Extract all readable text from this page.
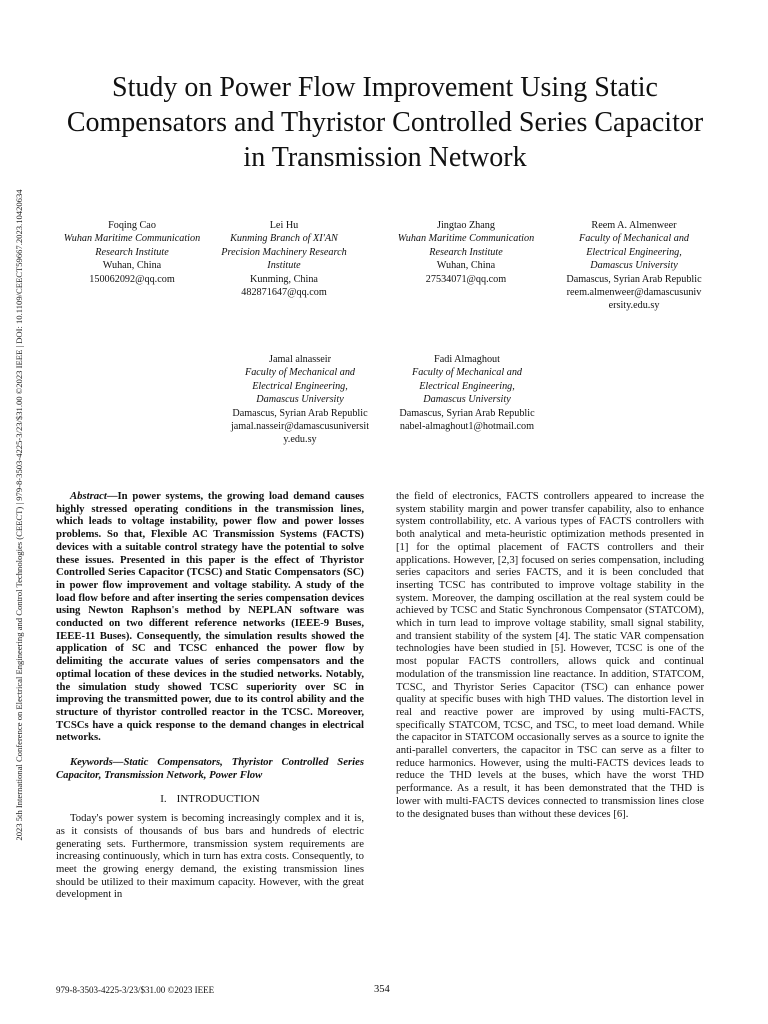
2023 5th International Conference on Electrical Engineering and Control Technologies (CEECT) | 979-8-3503-4225-3/23/$31.00 ©2023 IEEE | DOI: 10.1109/CEECT59667.2023.10420634
Study on Power Flow Improvement Using Static Compensators and Thyristor Controlled Series Capacitor in Transmission Network
Foqing Cao
Wuhan Maritime Communication
Research Institute
Wuhan, China
150062092@qq.com
Lei Hu
Kunming Branch of XI'AN
Precision Machinery Research
Institute
Kunming, China
482871647@qq.com
Jingtao Zhang
Wuhan Maritime Communication
Research Institute
Wuhan, China
27534071@qq.com
Reem A. Almenweer
Faculty of Mechanical and
Electrical Engineering,
Damascus University
Damascus, Syrian Arab Republic
reem.almenweer@damascusuniv
ersity.edu.sy
Jamal alnasseir
Faculty of Mechanical and
Electrical Engineering,
Damascus University
Damascus, Syrian Arab Republic
jamal.nasseir@damascusuniversit
y.edu.sy
Fadi Almaghout
Faculty of Mechanical and
Electrical Engineering,
Damascus University
Damascus, Syrian Arab Republic
nabel-almaghout1@hotmail.com

Abstract—In power systems, the growing load demand causes highly stressed operating conditions in the transmission lines, which leads to voltage instability, power flow and power losses problems. So that, Flexible AC Transmission Systems (FACTS) devices with a suitable control strategy have the potential to solve these issues. Presented in this paper is the effect of Thyristor Controlled Series Capacitor (TCSC) and Static Compensators (SC) in power flow improvement and voltage stability. A study of the load flow before and after inserting the series compensation devices using Newton Raphson's method by NEPLAN software was conducted on two different reference networks (IEEE-9 Buses, IEEE-11 Buses). Consequently, the simulation results showed the application of SC and TCSC enhanced the power flow by delimiting the accurate values of series compensators and the optimal location of these devices in the studied networks. Notably, the simulation study showed TCSC superiority over SC in improving the transmitted power, due to its control ability and the structure of thyristor controlled reactor in the TCSC. Moreover, TCSCs have a quick response to the demand changes in electrical networks.

Keywords—Static Compensators, Thyristor Controlled Series Capacitor, Transmission Network, Power Flow

I. INTRODUCTION

Today's power system is becoming increasingly complex and it is, as it consists of thousands of bus bars and hundreds of electric generating sets. Furthermore, transmission system requirements are increasing continuously, which in turn has extra costs. Consequently, to meet the growing energy demand, the existing transmission lines should be utilized to their maximum capacity. However, with the great development in

the field of electronics, FACTS controllers appeared to increase the system stability margin and power transfer capability, also to enhance system controllability, etc. A various types of FACTS controllers with both analytical and meta-heuristic optimization methods presented in [1] for the optimal placement of FACTS controllers and their applications. However, [2,3] focused on series compensation, including series capacitors and series FACTS, and it is been concluded that inserting TCSC has contributed to improve voltage stability in the system. Moreover, the damping oscillation at the real system could be achieved by TCSC and Static Synchronous Compensator (STATCOM), which in turn lead to improve voltage stability, small signal stability, and transient stability of the system [4]. The static VAR compensation technologies have been studied in [5]. However, TCSC is one of the most popular FACTS controllers, allows quick and continual modulation of the transmission line reactance. In addition, STATCOM, TCSC, and Thyristor Series Capacitor (TSC) can enhance power quality at specific buses with high THD values. The distortion level in real and reactive power are improved by using multi-FACTS, specifically STATCOM, TCSC, and TSC, to meet load demand. While the capacitor in STATCOM occasionally serves as a source to ignite the anti-parallel converters, the capacitor in TSC can serve as a filter to reduce harmonics. However, using the multi-FACTS devices leads to reduce the THD levels at the buses, which have the worst THD performance. As a result, it has been demonstrated that the THD is lower with multi-FACTS devices connected to transmission lines close to the designated buses than without these devices [6].

979-8-3503-4225-3/23/$31.00 ©2023 IEEE	354
